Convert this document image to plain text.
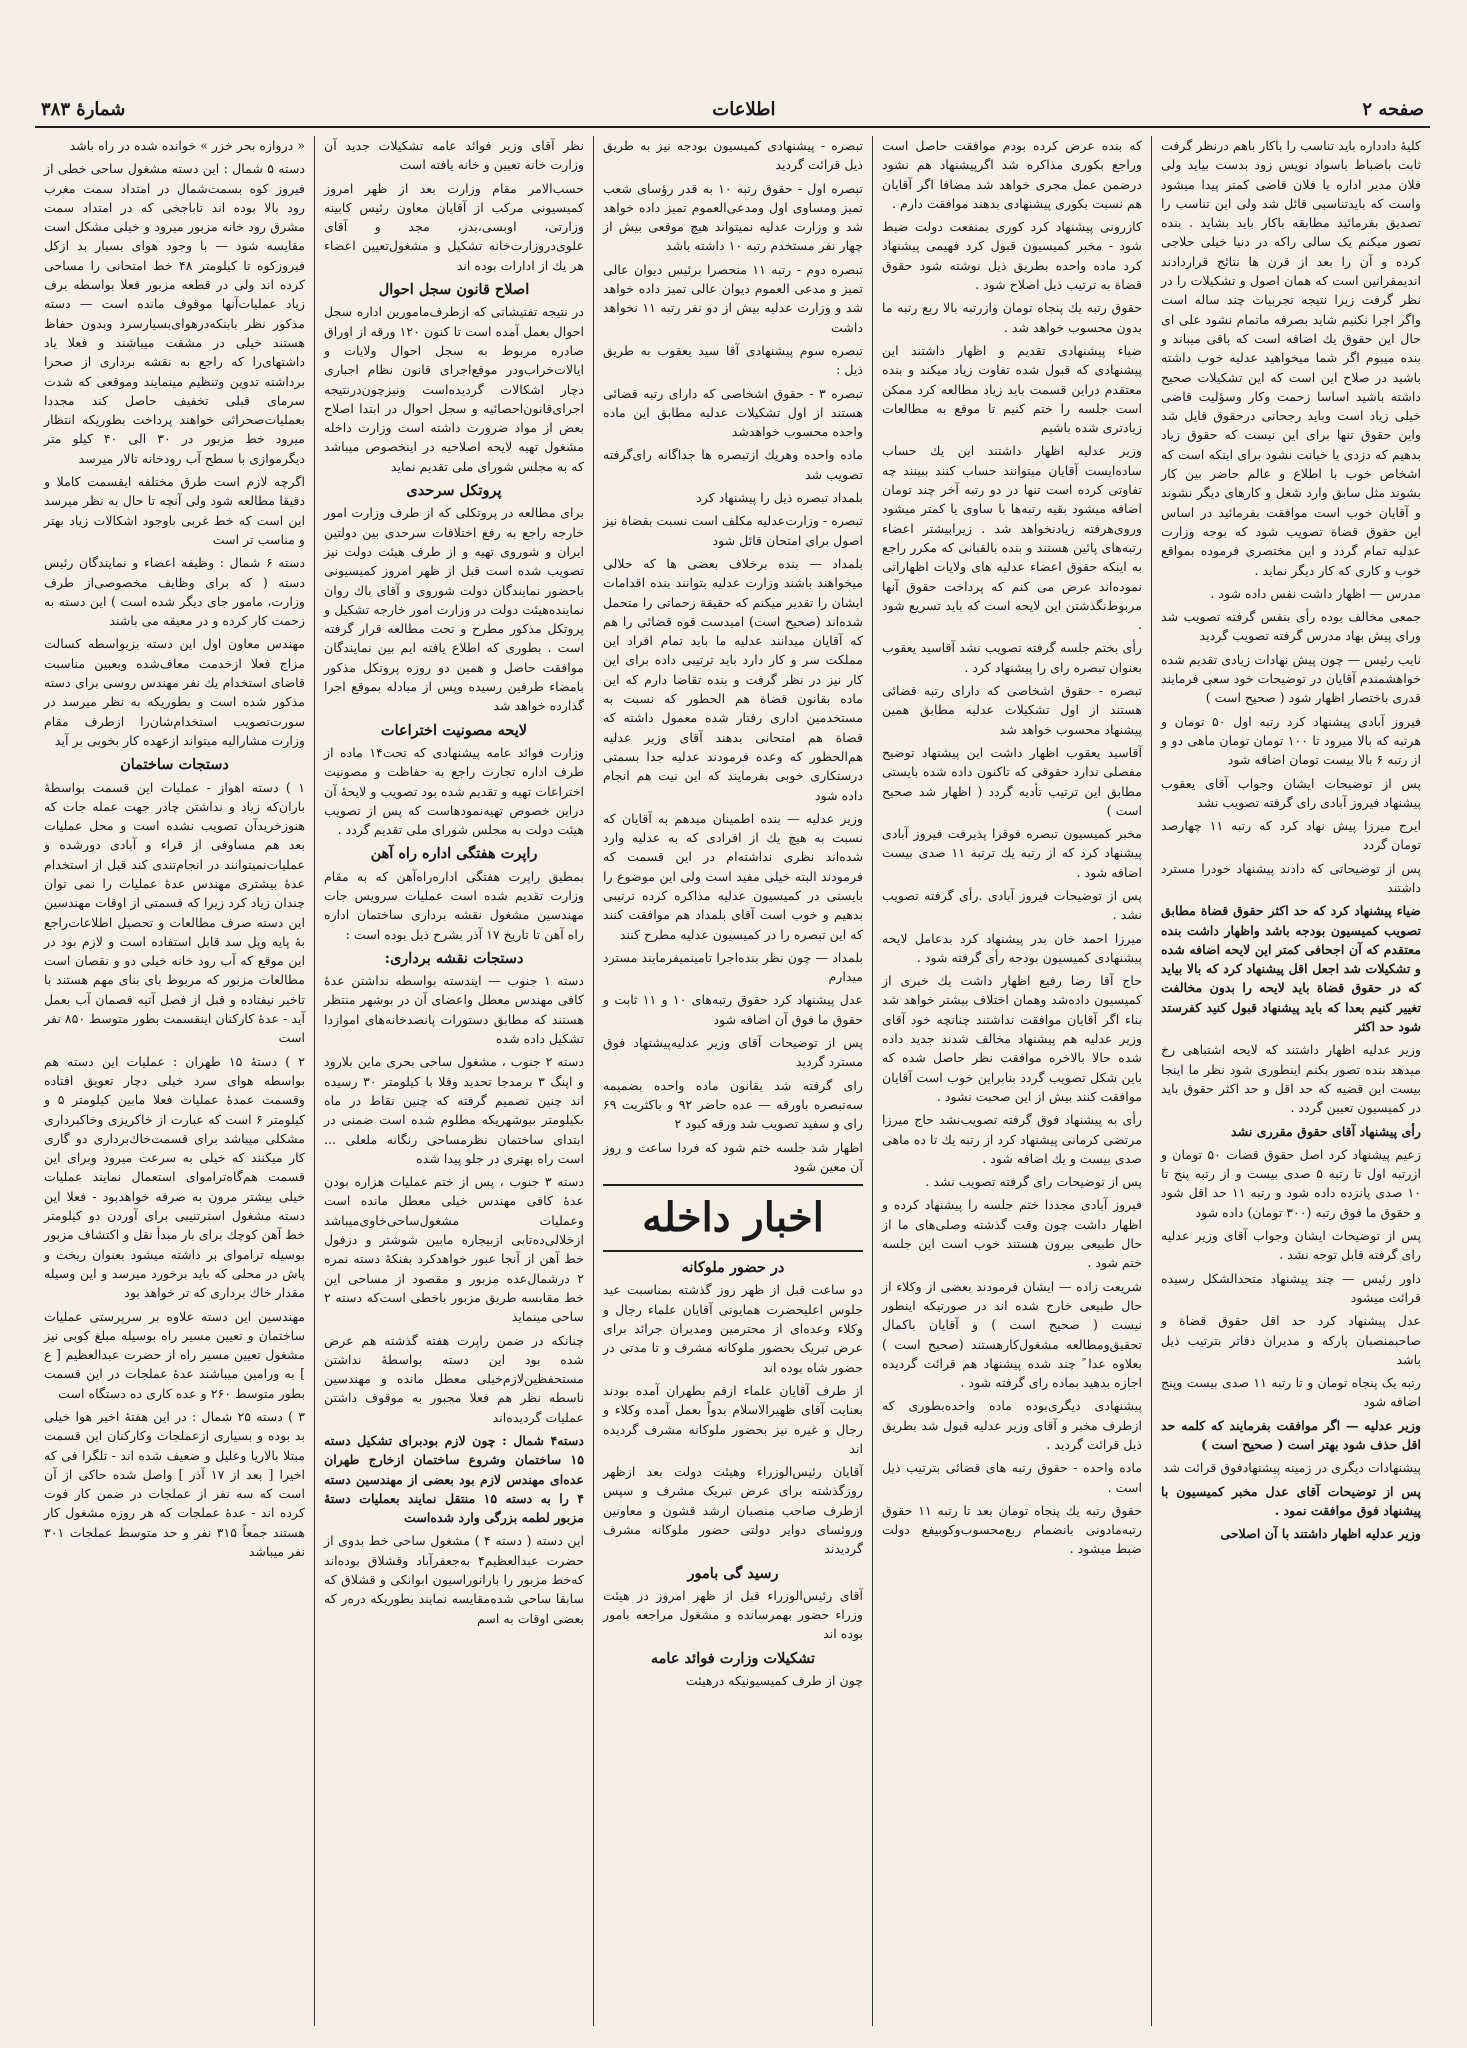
صفحه ۲
اطلاعات
شمارهٔ ۳۸۳

کلیهٔ دادداره باید تناسب را باکار باهم درنظر گرفت ثابت باضباط باسواد نویس زود بدست بیاید ولی فلان مدیر اداره یا فلان قاضی کمتر پیدا میشود واست که بایدتناسبی قائل شد ولی این تناسب را تصدیق بفرمائید مطابقه باکار باید بشاید . بنده تصور میکنم یک سالی راکه در دنیا خیلی حلاجی کرده و آن را بعد از قرن ها نتائج قراردادند اندیمقرانین است که همان اصول و تشکیلات را در نظر گرفت زیرا نتیجه تجربیات چند ساله است واگر اجرا نکنیم شاید بصرفه ماتمام نشود علی ای حال این حقوق یك اضافه است که باقی میباند و بنده میبوم اگر شما میخواهید عدلیه خوب داشته باشید در صلاح این است که این تشکیلات صحیح داشته باشید اساسا زحمت وکار وسؤلیت قاضی خیلی زیاد است وباید رجحانی درحقوق قایل شد واین حقوق تنها برای این نیست که حقوق زیاد بدهیم که دزدی یا خیانت نشود برای اینکه است که اشخاص خوب با اطلاع و عالم حاضر بین کار بشوند مثل سابق وارد شغل و کارهای دیگر نشوند و آقایان خوب است موافقت بفرمائید در اساس این حقوق قضاة تصویب شود که بوجه وزارت عدلیه تمام گردد و این مختصری فرموده بمواقع خوب و کاری که کار دیگر نماید .

مدرس — اظهار داشت نفس داده شود .

جمعی مخالف بوده رأی بنفس گرفته تصویب شد ورای پیش بهاد مدرس گرفته تصویب گردید

نایب رئیس — چون پیش نهادات زیادی تقدیم شده خواهشمندم آقایان در توضیحات خود سعی فرمایند قدری باختصار اظهار شود ( صحیح است )

فیروز آبادی پیشنهاد کرد رتبه اول ۵۰ تومان و هرتبه که بالا میرود تا ۱۰۰ تومان تومان ماهی دو و از رتبه ۶ بالا بیست تومان اضافه شود

پس از توضیحات ایشان وجواب آقای یعقوب پیشنهاد فیروز آبادی رای گرفته تصویب نشد

ایرج میرزا پیش نهاد کرد که رتبه ۱۱ چهارصد تومان گردد

پس از توضیحاتی که دادند پیشنهاد خودرا مسترد داشتند

ضیاء پیشنهاد کرد که حد اکثر حقوق قضاة مطابق تصویب کمیسیون بودجه باشد واظهار داشت بنده معتقدم که آن اجحافی کمتر این لایحه اضافه شده و تشکیلات شد اجعل اقل پیشنهاد کرد که بالا بیاید که در حقوق قضاة باید لایحه را بدون مخالفت تغییر کنیم بعدا که باید پیشنهاد قبول کنید کفرستد شود حد اکثر

وزیر عدلیه اظهار داشتند که لایحه اشتباهی رخ میدهد بنده تصور بکنم اینطوری شود نظر ما اینجا بیست این قضیه که حد اقل و حد اکثر حقوق باید در کمیسیون تعیین گردد .

رأی پیشنهاد آقای حقوق مقرری نشد

زعیم پیشنهاد کرد اصل حقوق قضات ۵۰ تومان و ازرتبه اول تا رتبه ۵ صدی بیست و از رتبه پنج تا ۱۰ صدی پانزده داده شود و رتبه ۱۱ حد اقل شود و حقوق ما فوق رتبه (۳۰۰ تومان) داده شود

پس از توضیحات ایشان وجواب آقای وزیر عدلیه رای گرفته قابل توجه نشد .

داور رئیس — چند پیشنهاد متحدالشکل رسیده قرائت میشود

عدل پیشنهاد کرد حد اقل حقوق قضاة و صاحبمنصبان پارکه و مدیران دفاتر بترتیب ذیل باشد

رتبه یک پنجاه تومان و تا رتبه ۱۱ صدی بیست وپنج اضافه شود

وزیر عدلیه — اگر موافقت بفرمایند که کلمه حد اقل حذف شود بهتر است ( صحیح است )

پیشنهادات دیگری در زمینه پیشنهادفوق قرائت شد

پس از توضیحات آقای عدل مخبر کمیسیون با پیشنهاد فوق موافقت نمود .

وزیر عدلیه اظهار داشتند با آن اصلاحی

که بنده عرض کرده بودم موافقت حاصل است وراجع بکوری مذاکره شد اگرپیشنهاد هم نشود درضمن عمل مجری خواهد شد مضافا اگر آقایان هم نسبت بکوری پیشنهادی بدهند موافقت دارم .

کازرونی پیشنهاد کرد کوری بمنفعت دولت ضبط شود - مخبر کمیسیون قبول کرد فهیمی پیشنهاد کرد ماده واحده بطریق ذیل نوشته شود حقوق قضاة به ترتیب ذیل اصلاح شود .

حقوق رتبه یك پنجاه تومان وازرتبه بالا ربع رتبه ما بدون محسوب خواهد شد .

ضیاء پیشنهادی تقدیم و اظهار داشتند این پیشنهادی که قبول شده تفاوت زیاد میکند و بنده معتقدم دراین قسمت باید زیاد مطالعه کرد ممکن است جلسه را ختم کنیم تا موقع به مطالعات زیادتری شده باشیم

وزیر عدلیه اظهار داشتند این یك حساب ساده‌ایست آقایان میتوانند حساب کنند ببینند چه تفاوتی کرده است تنها در دو رتبه آخر چند تومان اضافه میشود بقیه رتبه‌ها با ساوی یا کمتر میشود وروی‌هرفته زیادنخواهد شد . زیرابیشتر اعضاء رتبه‌های پائین هستند و بنده بالقبانی که مکرر راجع به اینکه حقوق اعضاء عدلیه های ولایات اظهاراتی نموده‌اند عرض می کنم که پرداخت حقوق آنها مربوط‌نگذشتن این لایحه است که باید تسریع شود .

رأی بختم جلسه گرفته تصویب نشد آقاسید یعقوب بعنوان تبصره رای را پیشنهاد کرد .

تبصره - حقوق اشخاصی که دارای رتبه قضائی هستند از اول تشکیلات عدلیه مطابق همین پیشنهاد محسوب خواهد شد

آقاسید یعقوب اظهار داشت این پیشنهاد توضیح مفصلی ندارد حقوقی که تاکنون داده شده بایستی مطابق این ترتیب تأدیه گردد ( اظهار شد صحیح است )

مخبر کمیسیون تبصره فوقرا پذیرفت فیروز آبادی پیشنهاد کرد که از رتبه یك ترتبه ۱۱ صدی بیست اضافه شود .

پس از توضیحات فیروز آبادی .رأی گرفته تصویب نشد .

میرزا احمد خان بدر پیشنهاد کرد بدعامل لایحه پیشنهادی کمیسیون بودجه رأی گرفته شود .

حاج آقا رضا رفیع اظهار داشت یك خبری از کمیسیون داده‌شد وهمان اختلاف بیشتر خواهد شد بناء اگر آقایان موافقت نداشتند چنانچه خود آقای وزیر عدلیه هم پیشنهاد مخالف شدند جدید داده شده حالا بالاخره موافقت نظر حاصل شده که باین شکل تصویب گردد بنابراین خوب است آقایان موافقت کنند بیش از این صحبت نشود .

رأی به پیشنهاد فوق گرفته تصویب‌نشد حاج میرزا مرتضی کرمانی پیشنهاد کرد از رتبه یك تا ده ماهی صدی بیست و یك اضافه شود .

پس از توضیحات رای گرفته تصویب نشد .

فیروز آبادی مجددا ختم جلسه را پیشنهاد کرده و اظهار داشت چون وقت گذشته وصلی‌های ما از حال طبیعی بیرون هستند خوب است این جلسه ختم شود .

شریعت زاده — ایشان فرمودند بعضی از وکلاء از حال طبیعی خارج شده اند در صورتیکه اینطور نیست ( صحیح است ) و آقایان باکمال تحقیق‌ومطالعه مشغول‌کارهستند (صحیح است ) بعلاوه عدا ً چند شده پیشنهاد هم قرائت گردیده اجازه بدهید بماده رای گرفته شود .

پیشنهادی دیگری‌بوده ماده واحده‌بطوری که ازطرف مخبر و آقای وزیر عدلیه قبول شد بطریق ذیل قرائت گردید .

ماده واحده - حقوق رتبه های قضائی بترتیب ذیل است .

حقوق رتبه یك پنجاه تومان بعد تا رتبه ۱۱ حقوق رتبه‌مادونی بانضمام ربع‌محسوب‌وکوبیفع دولت ضبط میشود .

تبصره - پیشنهادی کمیسیون بودجه نیز به طریق ذیل قرائت گردید

تبصره اول - حقوق رتبه ۱۰ به قدر رؤسای شعب تمیز ومساوی اول ومدعی‌العموم تمیز داده خواهد شد و وزارت عدلیه نمیتواند هیچ موقعی بیش از چهار نفر مستخدم رتبه ۱۰ داشته باشد

تبصره دوم - رتبه ۱۱ منحصرا برئیس دیوان عالی تمیز و مدعی العموم دیوان عالی تمیز داده خواهد شد و وزارت عدلیه بیش از دو نفر رتبه ۱۱ نخواهد داشت

تبصره سوم پیشنهادی آقا سید یعقوب به طریق ذیل :

تبصره ۳ - حقوق اشخاصی که دارای رتبه قضائی هستند از اول تشکیلات عدلیه مطابق این ماده واحده محسوب خواهدشد

ماده واحده وهریك ازتبصره ها جداگانه رای‌گرفته تصویب شد

بلمداد تبصره ذیل را پیشنهاد کرد

تبصره - وزارت‌عدلیه مکلف است نسبت بقضاة نیز اصول برای امتحان قائل شود

بلمداد — بنده برخلاف بعضی ها که حلالی میخواهند باشند وزارت عدلیه بتوانند بنده اقدامات ایشان را تقدیر میکنم که حقیقة زحماتی را متحمل شده‌اند (صحیح است) امیدست قوه قضائی را هم که آقایان میدانند عدلیه ما باید تمام افراد این مملکت سر و کار دارد باید ترتیبی داده برای این کار نیز در نظر گرفت و بنده تقاضا دارم که این ماده بقانون قضاة هم الحطور که نسبت به مستخدمین اداری رفتار شده معمول داشته که قضاة هم امتحانی بدهند آقای وزیر عدلیه هم‌الحطور که وعده فرمودند عدلیه جدا بسمتی درستکاری خوبی بفرمایند که این نیت هم انجام داده شود

وزیر عدلیه — بنده اطمینان میدهم به آقایان که نسبت به هیچ یك از افرادی که به عدلیه وارد شده‌اند نظری نداشته‌ام در این قسمت که فرمودند البته خیلی مفید است ولی این موضوع را بایستی در کمیسیون عدلیه مذاکره کرده ترتیبی بدهیم و خوب است آقای بلمداد هم موافقت کنند که این تبصره را در کمیسیون عدلیه مطرح کنند

بلمداد — چون نظر بنده‌اجرا تامینمیفرمایند مسترد میدارم

عدل پیشنهاد کرد حقوق رتبه‌های ۱۰ و ۱۱ ثابت و حقوق ما فوق آن اضافه شود

پس از توضیحات آقای وزیر عدلیه‌پیشنهاد فوق مسترد گردید

رای گرفته شد بقانون ماده واحده بضمیمه سه‌تبصره باورقه — عده حاضر ۹۲ و باکثریت ۶۹ رای و سفید تصویب شد ورقه کبود ۲

اظهار شد جلسه ختم شود که فردا ساعت و روز آن معین شود

اخبار داخله
در حضور ملوکانه

دو ساعت قبل از ظهر روز گذشته بمناسبت عید جلوس اعلیحضرت همایونی آقایان علماء رجال و وکلاء وعده‌ای از محترمین ومدیران جرائد برای عرض تبریک بحضور ملوکانه مشرف و تا مدتی در حضور شاه بوده اند

از طرف آقایان علماء ازقم بطهران آمده بودند بعنایت آقای ظهیرالاسلام بدواً بعمل آمده وکلاء و رجال و غیره نیز بحضور ملوکانه مشرف گردیده اند

آقایان رئیس‌الوزراء وهیئت دولت بعد ازظهر روزگذشته برای عرض تبریک مشرف و سپس ازطرف صاحب منصبان ارشد قشون و معاونین وروئسای دوایر دولتی حضور ملوکانه مشرف گردیدند

رسید گی بامور

آقای رئیس‌الوزراء قبل از ظهر امروز در هیئت وزراء حضور بهمرسانده و مشغول مراجعه بامور بوده اند

تشکیلات وزارت فوائد عامه

چون از طرف کمیسیونیکه درهیئت

نظر آقای وزیر فوائد عامه تشکیلات جدید آن وزارت خانه تعیین و خانه یافته است

حسب‌الامر مقام وزارت بعد از ظهر امروز کمیسیونی مرکب از آقایان معاون رئیس کابینه وزارتی، اوبسی،بدر، مجد و آقای علوی‌دروزارت‌خانه تشکیل و مشغول‌تعیین اعضاء هر یك از ادارات بوده اند

اصلاح قانون سجل احوال

در نتیجه تفتیشاتی که ازطرف‌مامورین اداره سجل احوال بعمل آمده است تا کنون ۱۲۰ ورقه از اوراق صادره مربوط به سجل احوال ولایات و ایالات‌خراب‌ودر موقع‌اجرای قانون نظام اجباری دچار اشکالات گردیده‌است و‌نیز‌چون‌درنتیجه اجرای‌قانون‌احصائیه و سجل احوال در ابتدا اصلاح بعض از مواد ضرورت داشته است وزارت داخله مشغول تهیه لایحه اصلاحیه در اینخصوص میباشد که به مجلس شورای ملی تقدیم نماید

پروتکل سرحدی

برای مطالعه در پروتکلی که از طرف وزارت امور خارجه راجع به رفع اختلافات سرحدی بین دولتین ایران و شوروی تهیه و از طرف هیئت دولت نیز تصویب شده است قبل از ظهر امروز کمیسیونی باحضور نمایندگان دولت شوروی و آقای باك روان نماینده‌هیئت دولت در وزارت امور خارجه تشکیل و پروتکل مذکور مطرح و تحت مطالعه قرار گرفته است . بطوری که اطلاع یافته ایم بین نمایندگان موافقت حاصل و همین دو روزه پروتکل مذکور بامضاء طرفین رسیده وپس از مبادله بموقع اجرا گذارده خواهد شد

لایحه مصونیت اختراعات

وزارت فوائد عامه پیشنهادی که تحت۱۴ ماده از طرف اداره تجارت راجع به حفاظت و مصونیت اختراعات تهیه و تقدیم شده بود تصویب و لایحهٔ آن دراین خصوص تهیه‌نمودهاست که پس از تصویب هیئت دولت به مجلس شورای ملی تقدیم گردد .

راپرت هفتگی اداره راه آهن

بمطیق راپرت هفتگی اداره‌راه‌آهن که به مقام وزارت تقدیم شده است عملیات سرویس جات مهندسین مشغول نقشه برداری ساختمان اداره راه آهن تا تاریخ ۱۷ آذر بشرح ذیل بوده است :

دستجات نقشه برداری:

دسته ۱ جنوب — ایندسته بواسطه نداشتن عدهٔ کافی مهندس معطل واعضای آن در بوشهر منتظر هستند که مطابق دستورات پانصدخانه‌های اموازدا تشکیل داده شده

دسته ۲ جنوب ، مشغول ساحی بحری ماین بلارود و اپنگ ۳ برمدجا تحدید وقلا با کیلومتر ۳۰ رسیده اند چنین تصمیم گرفته که چنین نقاط در ماه بکیلومتر ببوشهریکه مطلوم شده است ضمنی در ابتدای ساختمان نظرمساحی رنگانه‌ ملعلی ... است راه بهتری در جلو پیدا شده

دسته ۳ جنوب ، پس از ختم عملیات هزاره بودن عدهٔ کافی مهندس خیلی معطل مانده است وعملیات‌ مشغول‌ساحی‌خاوی‌میباشد ازخلالی‌ده‌تابی‌ ازبیجاره‌ مابین شوشتر و دزفول خط آهن از آنجا عبور خواهد‌کرد بفنکهٔ دسته نمره ۲ درشمال‌عده مزبور و مقصود از مساحی این خط مقابسه طریق مزبور باخطی است‌که دسته ۲ ساحی مینماید

چنانکه در ضمن راپرت هفته گذشته هم عرض شده بود این دسته بواسطهٔ نداشتن مستحفظین‌لازم‌خیلی معطل مانده و مهندسین ناسطه نظر هم فعلا مجبور به موقوف داشتن عملیات گردیده‌اند

دسته۴ شمال : چون لازم بودبرای تشکیل دسته ۱۵ ساختمان وشروع ساختمان ازخارج طهران عده‌ای مهندس لازم بود بعضی از مهندسین دسته ۴ را به دسته ۱۵ منتقل نمایند بعملیات دستهٔ مزبور لطمه بزرگی وارد شده‌است

این دسته ( دسته ۴ ) مشغول ساحی خط بدوی از حضرت عبدالعظیم۴ به‌جعفرآباد وقشلاق بوده‌اند که‌خط‌ مزبور را بارانوراسیون ابوانکی و قشلاق که‌ سابقا ساحی شده‌مقایسه نمایند بطوریکه دره‌ر که بعضی اوقات به اسم

« دروازه بحر خزر » خوانده شده در راه باشد

دسته ۵ شمال : این دسته مشغول ساحی خطی از فیروز کوه بسمت‌شمال در امتداد سمت مغرب رود بالا بوده اند تاباجخی که در امتداد سمت مشرق رود خانه مزبور میرود و خیلی مشکل است مقایسه شود — با وجود هوای بسیار بد ازکل فیروزکوه تا کیلومتر ۴۸ خط امتحانی را مساحی کرده اند ولی در قطعه مزبور فعلا بواسطه برف زیاد عملیات‌آنها موقوف مانده است — دسته مذکور نظر بابنکه‌درهوای‌بسیارسرد وبدون حفاظ هستند خیلی در مشقت میباشند و فعلا یاد داشتهای‌را که راجع به نقشه برداری از صحرا برداشته تدوین وتنظیم مینمایند وموقعی که شدت سرمای قبلی تخفیف حاصل کند مجددا بعملیات‌صحرائی خواهند پرداخت بطوریکه انتظار میرود خط مزبور در ۳۰ الی ۴۰ کیلو متر دیگرموازی با سطح آب رودخانه تالار میرسد

اگرچه لازم است طرق مختلفه ایقسمت کاملا و دقیقا مطالعه شود ولی آنچه تا حال به نظر میرسد این است که خط غربی باوجود اشکالات زیاد بهتر و مناسب تر است

دسته ۶ شمال : وظیفه اعضاء و نمایندگان رئیس دسته ( که برای وظایف مخصوصی‌از طرف وزارت، مامور جای دیگر شده است ) این دسته به زحمت کار کرده و در معیقه می باشند

مهندس معاون اول این دسته بزیواسطه کسالت مزاج فعلا ازخدمت معاف‌شده وبعبین مناسبت قاضای استخدام یك نفر مهندس روسی برای دسته مذکور شده است و بطوریکه به نظر میرسد در سورت‌تصویب استخدام‌شان‌را از‌طرف مقام وزارت مشارالیه میتواند ازعهده کار بخوبی بر آید

دستجات ساختمان

۱ ) دسته اهواز - عملیات این قسمت بواسطهٔ باران‌که زیاد و نداشتن چادر جهت عمله جات که هنوزخریدآن تصویب نشده است و محل عملیات بعد هم مساوفی از قراء و آبادی دورشده و عملیات‌نمیتوانند در انجام‌تندی کند قبل از استخدام عدهٔ بیشتری مهندس عدهٔ عملیات را نمی توان چندان زیاد کرد زیرا که قسمتی از اوقات مهندسین این دسته صرف مطالعات و تحصیل اطلاعات‌راجع بهٔ پایه وپل سد قابل استفاده است و لازم بود در این موقع که آب رود خانه خیلی دو و نقصان است مطالعات مزبور که مربوط بای بنای مهم هستند با تاخیر نیفتاده و قبل از فصل آتیه قصمان آب بعمل آید - عدهٔ کارکنان اینقسمت بطور متوسط ۸۵۰ نفر است

۲ ) دستهٔ ۱۵ طهران : عملیات این دسته هم بواسطه هوای سرد خیلی دچار تعویق افتاده وقسمت عمدهٔ عملیات فعلا مابین کیلومتر ۵ و کیلومتر ۶ است که عبارت از خاکریزی وخاکبرداری مشکلی میباشد برای قسمت‌خاك‌برداری دو گاری کار میکنند که خیلی به سرعت میرود وبرای این قسمت هم‌گاه‌تراموای استعمال نمایند عملیات خیلی بیشتر مرون به صرفه خواهد‌بود - فعلا این دسته مشغول استرتنیبی برای آوردن دو کیلومتر خط آهن کوچك برای بار مبدأ نقل و اکتشاف مزبور بوسیله تراموای بر داشته میشود بعنوان ریخت و پاش در محلی که باید برخورد میرسد و این وسیله مقدار خاك برداری که تر خواهد بود

مهندسین این دسته علاوه بر سرپرستی عملیات ساختمان و تعیین مسیر راه بوسیله مبلغ کوبی نیز مشغول تعیین مسیر راه از حضرت عبدالعظیم [ ع ] به ورامین میباشند عدهٔ عملجات در این قسمت بطور متوسط ۲۶۰ و عده کاری ده دستگاه است

۳ ) دسته ۲۵ شمال : در این هفتهٔ اخیر هوا خیلی بد بوده و بسیاری ازعملجات وکارکنان این قسمت مبتلا بالاریا وعلیل و ضعیف شده اند - تلگرا فی که اخیرا [ بعد از ۱۷ آذر ] واصل شده حاکی از آن است که سه نفر از عملجات در ضمن کار فوت کرده اند - عدهٔ عملجات که هر روزه مشغول کار هستند جمعاً ۳۱۵ نفر و حد متوسط عملجات ۳۰۱ نفر میباشد
